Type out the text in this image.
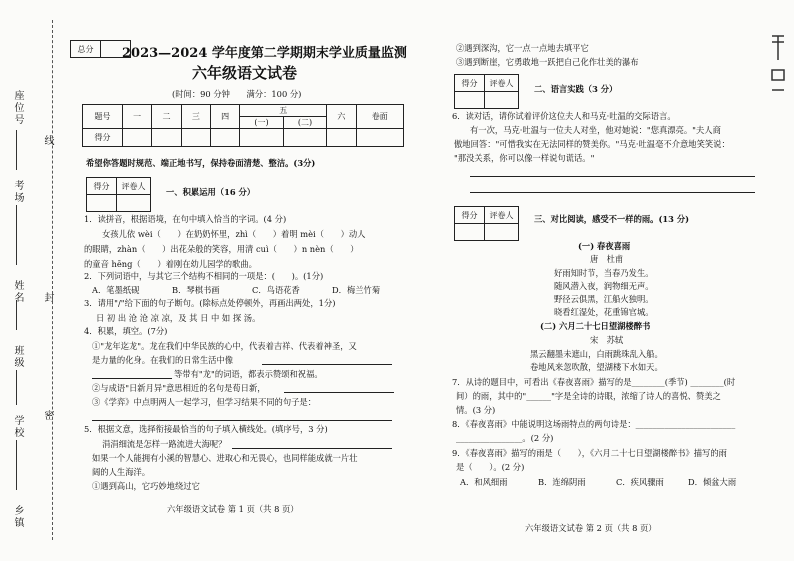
座位号
考场
姓名
班级
学校
乡镇
线
封
密
总分	2023—2024 学年度第二学期期末学业质量监测
六年级语文试卷
(时间：90 分钟　　满分：100 分)
题号	一	二	三	四	五		六	卷面
					(一)	(二)		
得分								
希望你答题时规范、端正地书写，保持卷面清楚、整洁。(3分)
得分	评卷人

一、积累运用（16 分）
1．读拼音，根据语境，在句中填入恰当的字词。(4 分)
女孩儿依 wèi（　　）在奶奶怀里，zhì（　　）着明 mèi（　　）动人
的眼睛，zhàn（　　）出花朵般的笑容，用清 cuì（　　）n nèn（　　）
的童音 hēng（　　）着刚在幼儿园学的歌曲。
2．下列词语中，与其它三个结构不相同的一项是：(　　)。(1分)
A．笔墨纸砚	B．琴棋书画	C．鸟语花香	D．梅兰竹菊
3．请用"/"给下面的句子断句。(除标点处停顿外，再画出两处，1分)
日 初 出 沧 沧 凉 凉，及 其 日 中 如 探 汤。
4．积累，填空。(7分)
①"龙年迄龙"。龙在我们中华民族的心中，代表着吉祥、代表着神圣，又
是力量的化身。在我们的日常生活中像
等带有"龙"的词语，都表示赞颂和祝福。
②与成语"日新月异"意思相近的名句是荀日新，
③《学弈》中点明两人一起学习，但学习结果不同的句子是：
5．根据文意，选择衔接最恰当的句子填入横线处。(填序号，3 分)
涓涓细流是怎样一路流进大海呢？
如果一个人能拥有小溪的智慧心、进取心和无畏心，也同样能成就一片壮
阔的人生海洋。
①遇到高山，它巧妙地绕过它
六年级语文试卷 第 1 页（共 8 页）
②遇到深沟，它一点一点地去填平它
③遇到断崖，它勇敢地一跃把自己化作壮美的瀑布
得分	评卷人

二、语言实践（3 分）
6．读对话，请你试着评价这位夫人和马克·吐温的交际语言。
有一次，马克·吐温与一位夫人对坐，他对她说："您真漂亮。"夫人商
傲地回答："可惜我实在无法同样的赞美你。"马克·吐温毫不介意地笑笑说：
"那没关系，你可以像一样说句谎话。"
得分	评卷人
	三、对比阅读，感受不一样的雨。(13 分)
(一) 春夜喜雨
唐　杜甫
好雨知时节，当春乃发生。
随风潜入夜，润物细无声。
野径云俱黑，江船火独明。
晓看红湿处，花重锦官城。
(二) 六月二十七日望湖楼醉书
宋　苏轼
黑云翻墨未遮山，白雨跳珠乱入船。
卷地风来忽吹散，望湖楼下水如天。
7．从诗的题目中，可看出《春夜喜雨》描写的是________(季节) ________(时
间）的雨，其中的"______"字是全诗的诗眼，浓缩了诗人的喜悦、赞美之
情。(3 分)
8．《春夜喜雨》中能说明这场雨特点的两句诗是：________________________
________________。(2 分)
9．《春夜喜雨》描写的雨是（　　），《六月二十七日望湖楼醉书》描写的雨
是（　　）。(2 分)
A．和风细雨	B．连绵阴雨	C．疾风骤雨	D．倾盆大雨
六年级语文试卷 第 2 页（共 8 页）
